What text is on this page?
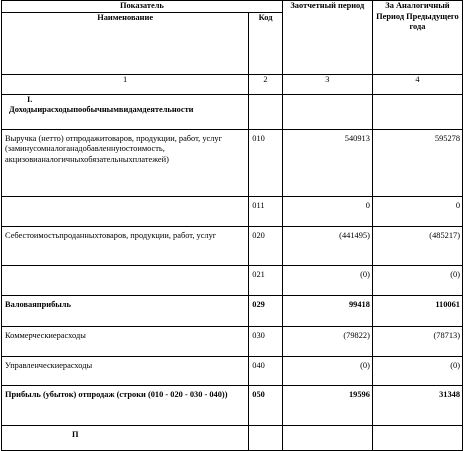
Показатель		Заотчетный период	За Аналогичный Период Предыдущего года
Наименование	Код		
1	2	3	4

I.
Доходыирасходыпообычнымвидамдеятельности			

Выручка (нетто) отпродажитоваров, продукции, работ, услуг (заминусомналоганадобавленнуюстоимость, акцизовианалогичныхобязательныхплатежей)	010	540913	595278
	011	0	0
Себестоимостьпроданныхтоваров, продукции, работ, услуг	020	(441495)	(485217)
	021	(0)	(0)
Валоваяприбыль	029	99418	110061
Коммерческиерасходы	030	(79822)	(78713)
Управленческиерасходы	040	(0)	(0)
Прибыль (убыток) отпродаж (строки (010 - 020 - 030 - 040))	050	19596	31348
П			
